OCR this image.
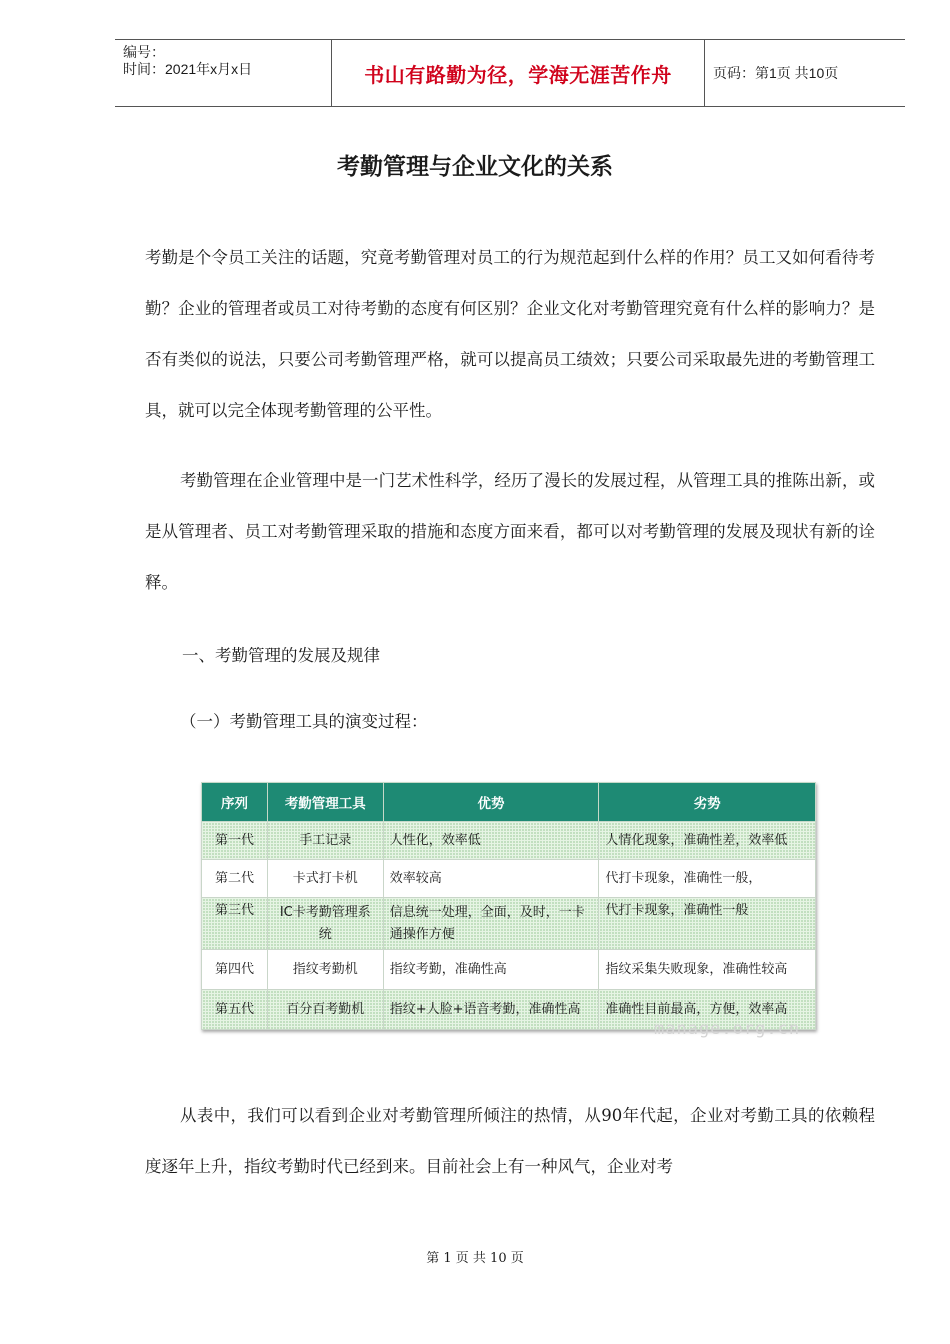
编号：
时间：2021年x月x日	书山有路勤为径，学海无涯苦作舟	页码：第1页 共10页
考勤管理与企业文化的关系

考勤是个令员工关注的话题，究竟考勤管理对员工的行为规范起到什么样的作用？员工又如何看待考勤？企业的管理者或员工对待考勤的态度有何区别？企业文化对考勤管理究竟有什么样的影响力？是否有类似的说法，只要公司考勤管理严格，就可以提高员工绩效；只要公司采取最先进的考勤管理工具，就可以完全体现考勤管理的公平性。

考勤管理在企业管理中是一门艺术性科学，经历了漫长的发展过程，从管理工具的推陈出新，或是从管理者、员工对考勤管理采取的措施和态度方面来看，都可以对考勤管理的发展及现状有新的诠释。

一、考勤管理的发展及规律

（一）考勤管理工具的演变过程：

序列	考勤管理工具	优势	劣势
第一代	手工记录	人性化，效率低	人情化现象，准确性差，效率低
第二代	卡式打卡机	效率较高	代打卡现象，准确性一般，
第三代	IC卡考勤管理系统	信息统一处理，全面，及时，一卡通操作方便	代打卡现象，准确性一般
第四代	指纹考勤机	指纹考勤，准确性高	指纹采集失败现象，准确性较高
第五代	百分百考勤机	指纹+人脸+语音考勤，准确性高	准确性目前最高，方便，效率高
manage.org.cn

从表中，我们可以看到企业对考勤管理所倾注的热情，从90年代起，企业对考勤工具的依赖程度逐年上升，指纹考勤时代已经到来。目前社会上有一种风气，企业对考

第 1 页 共 10 页
